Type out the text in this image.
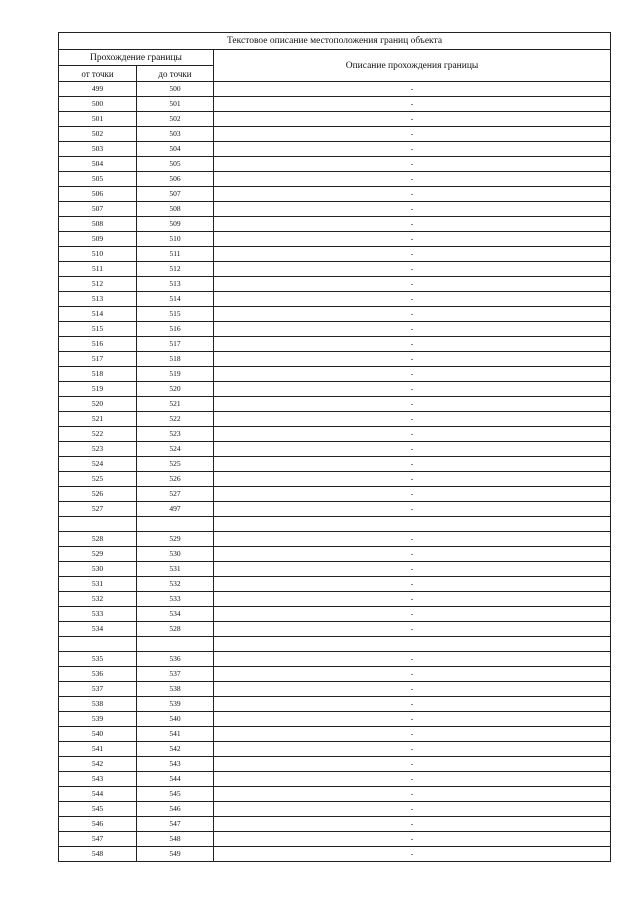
Текстовое описание местоположения границ объекта		
Прохождение границы		Описание прохождения границы
от точки	до точки	
499	500	-
500	501	-
501	502	-
502	503	-
503	504	-
504	505	-
505	506	-
506	507	-
507	508	-
508	509	-
509	510	-
510	511	-
511	512	-
512	513	-
513	514	-
514	515	-
515	516	-
516	517	-
517	518	-
518	519	-
519	520	-
520	521	-
521	522	-
522	523	-
523	524	-
524	525	-
525	526	-
526	527	-
527	497	-

528	529	-
529	530	-
530	531	-
531	532	-
532	533	-
533	534	-
534	528	-

535	536	-
536	537	-
537	538	-
538	539	-
539	540	-
540	541	-
541	542	-
542	543	-
543	544	-
544	545	-
545	546	-
546	547	-
547	548	-
548	549	-
